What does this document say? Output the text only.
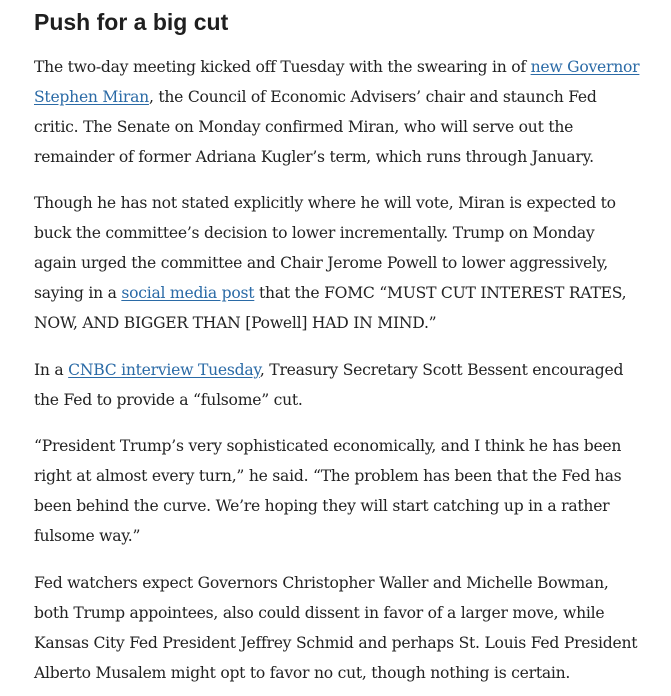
Push for a big cut

The two-day meeting kicked off Tuesday with the swearing in of new Governor
Stephen Miran, the Council of Economic Advisers’ chair and staunch Fed
critic. The Senate on Monday confirmed Miran, who will serve out the
remainder of former Adriana Kugler’s term, which runs through January.

Though he has not stated explicitly where he will vote, Miran is expected to
buck the committee’s decision to lower incrementally. Trump on Monday
again urged the committee and Chair Jerome Powell to lower aggressively,
saying in a social media post that the FOMC “MUST CUT INTEREST RATES,
NOW, AND BIGGER THAN [Powell] HAD IN MIND.”

In a CNBC interview Tuesday, Treasury Secretary Scott Bessent encouraged
the Fed to provide a “fulsome” cut.

“President Trump’s very sophisticated economically, and I think he has been
right at almost every turn,” he said. “The problem has been that the Fed has
been behind the curve. We’re hoping they will start catching up in a rather
fulsome way.”

Fed watchers expect Governors Christopher Waller and Michelle Bowman,
both Trump appointees, also could dissent in favor of a larger move, while
Kansas City Fed President Jeffrey Schmid and perhaps St. Louis Fed President
Alberto Musalem might opt to favor no cut, though nothing is certain.
